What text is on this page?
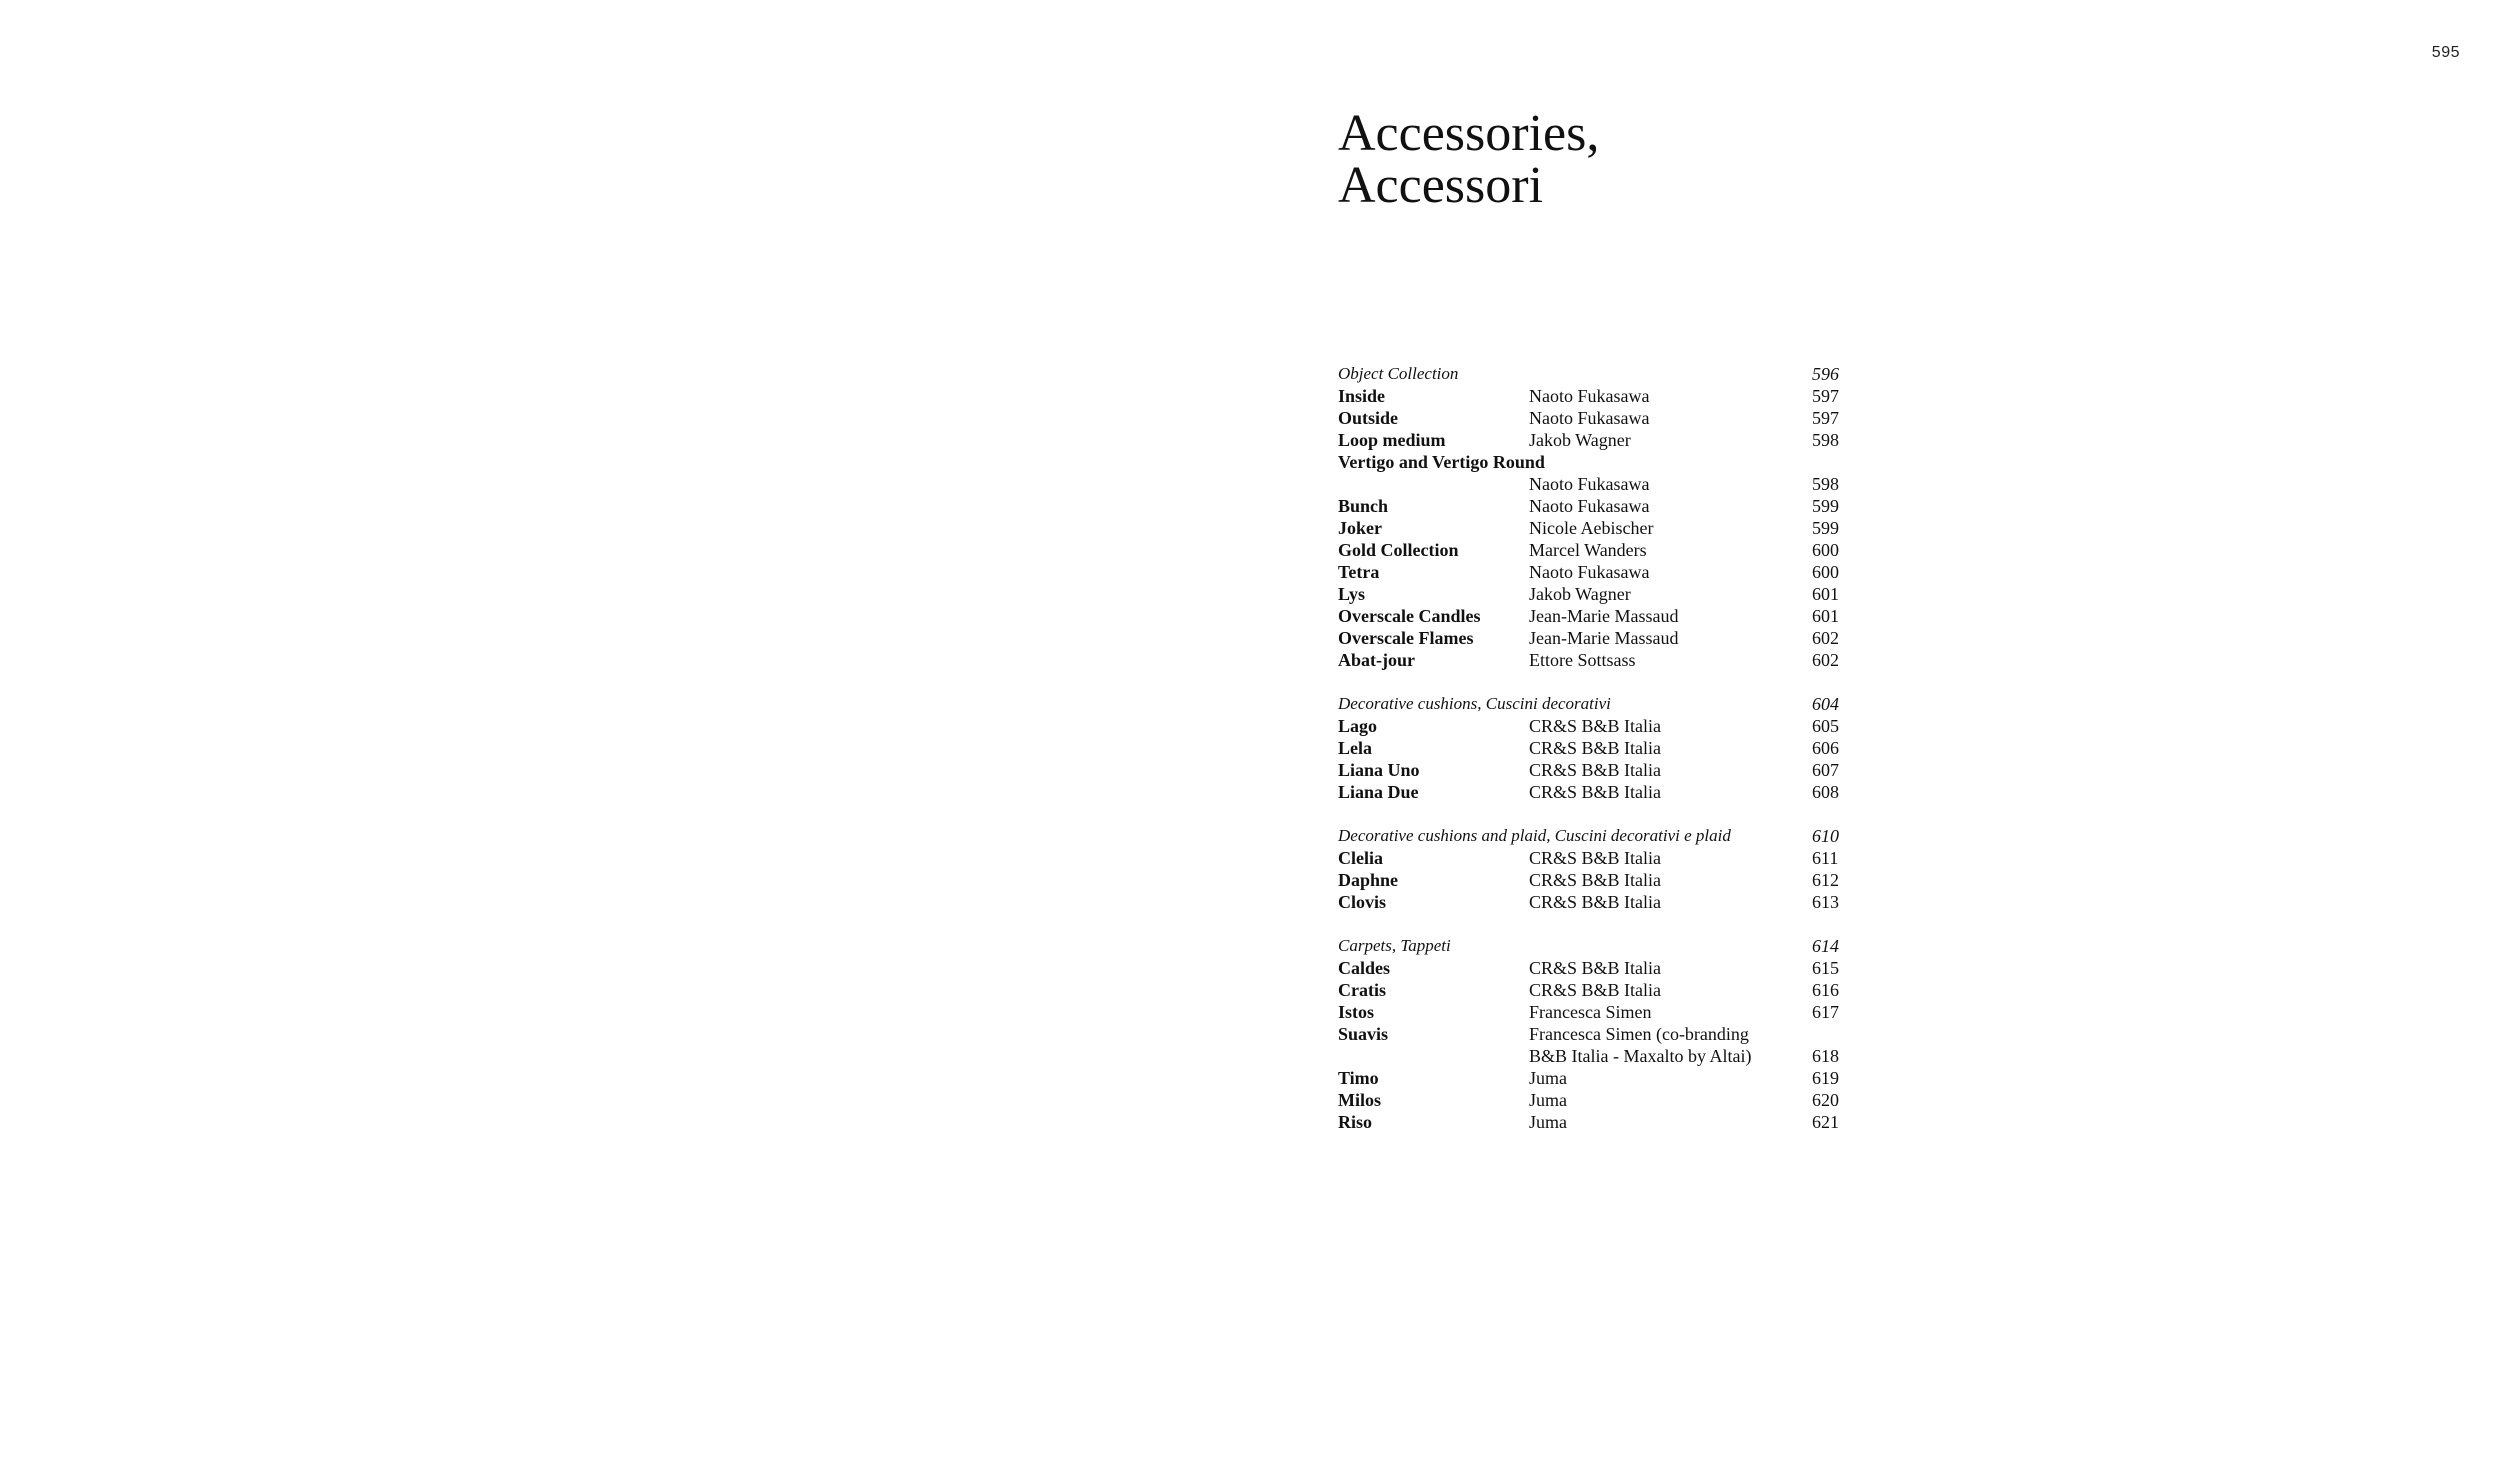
595
Accessories,
Accessori
Object Collection	596
Inside	Naoto Fukasawa	597
Outside	Naoto Fukasawa	597
Loop medium	Jakob Wagner	598
Vertigo and Vertigo Round
Naoto Fukasawa	598
Bunch	Naoto Fukasawa	599
Joker	Nicole Aebischer	599
Gold Collection	Marcel Wanders	600
Tetra	Naoto Fukasawa	600
Lys	Jakob Wagner	601
Overscale Candles	Jean-Marie Massaud	601
Overscale Flames	Jean-Marie Massaud	602
Abat-jour	Ettore Sottsass	602
Decorative cushions, Cuscini decorativi	604
Lago	CR&S B&B Italia	605
Lela	CR&S B&B Italia	606
Liana Uno	CR&S B&B Italia	607
Liana Due	CR&S B&B Italia	608
Decorative cushions and plaid, Cuscini decorativi e plaid	610
Clelia	CR&S B&B Italia	611
Daphne	CR&S B&B Italia	612
Clovis	CR&S B&B Italia	613
Carpets, Tappeti	614
Caldes	CR&S B&B Italia	615
Cratis	CR&S B&B Italia	616
Istos	Francesca Simen	617
Suavis	Francesca Simen (co-branding
B&B Italia - Maxalto by Altai)	618
Timo	Juma	619
Milos	Juma	620
Riso	Juma	621
